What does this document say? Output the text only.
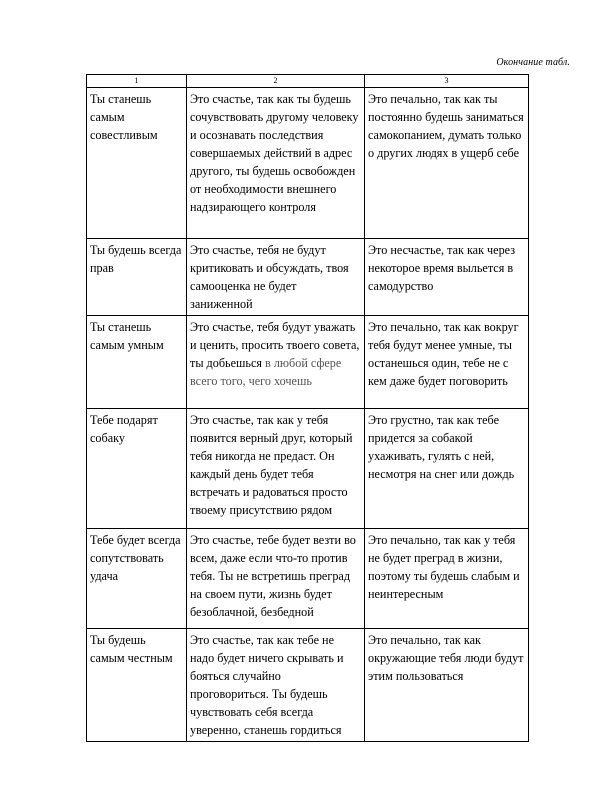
Окончание табл.
1	2	3
Ты станешь самым совестливым	Это счастье, так как ты будешь сочувствовать другому человеку и осознавать последствия совершаемых действий в адрес другого, ты будешь освобожден от необходимости внешнего надзирающего контроля	Это печально, так как ты постоянно будешь заниматься самокопанием, думать только о других людях в ущерб себе
Ты будешь всегда прав	Это счастье, тебя не будут критиковать и обсуждать, твоя самооценка не будет заниженной	Это несчастье, так как через некоторое время выльется в самодурство
Ты станешь самым умным	Это счастье, тебя будут уважать и ценить, просить твоего совета, ты добьешься в любой сфере всего того, чего хочешь	Это печально, так как вокруг тебя будут менее умные, ты останешься один, тебе не с кем даже будет поговорить
Тебе подарят собаку	Это счастье, так как у тебя появится верный друг, который тебя никогда не предаст. Он каждый день будет тебя встречать и радоваться просто твоему присутствию рядом	Это грустно, так как тебе придется за собакой ухаживать, гулять с ней, несмотря на снег или дождь
Тебе будет всегда сопутствовать удача	Это счастье, тебе будет везти во всем, даже если что-то против тебя. Ты не встретишь преград на своем пути, жизнь будет безоблачной, безбедной	Это печально, так как у тебя не будет преград в жизни, поэтому ты будешь слабым и неинтересным
Ты будешь самым честным	Это счастье, так как тебе не надо будет ничего скрывать и бояться случайно проговориться. Ты будешь чувствовать себя всегда уверенно, станешь гордиться	Это печально, так как окружающие тебя люди будут этим пользоваться
